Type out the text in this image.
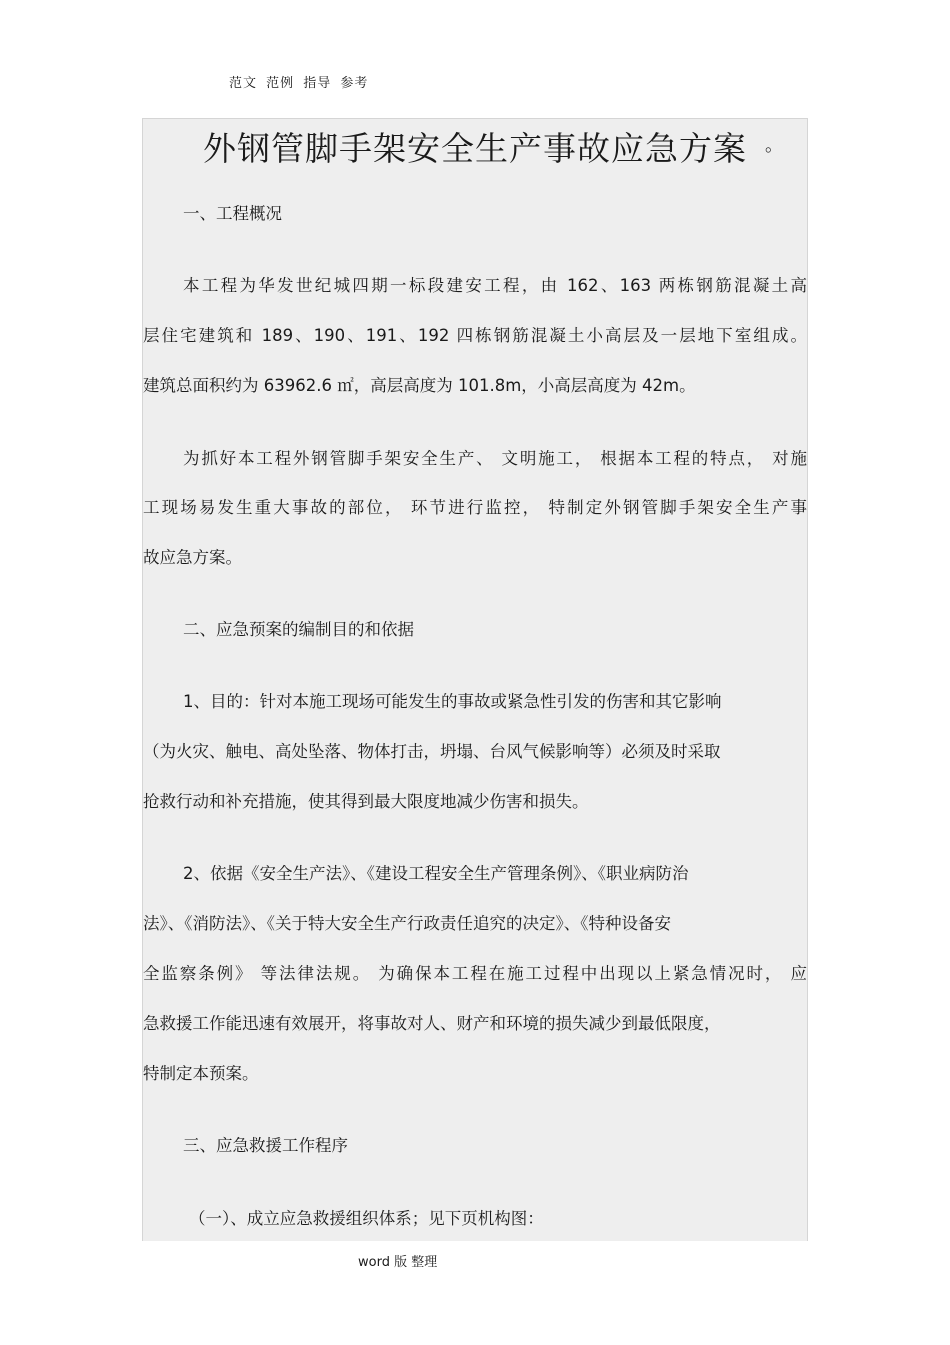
范文 范例 指导 参考
外钢管脚手架安全生产事故应急方案 。
一、工程概况
本工程为华发世纪城四期一标段建安工程，由 162、163 两栋钢筋混凝土高
层住宅建筑和 189、190、191、192 四栋钢筋混凝土小高层及一层地下室组成。
建筑总面积约为 63962.6 ㎡，高层高度为 101.8m，小高层高度为 42m。
为抓好本工程外钢管脚手架安全生产、 文明施工， 根据本工程的特点， 对施
工现场易发生重大事故的部位， 环节进行监控， 特制定外钢管脚手架安全生产事
故应急方案。
二、应急预案的编制目的和依据
1、目的：针对本施工现场可能发生的事故或紧急性引发的伤害和其它影响
（为火灾、触电、高处坠落、物体打击，坍塌、台风气候影响等）必须及时采取
抢救行动和补充措施，使其得到最大限度地减少伤害和损失。
2、依据《安全生产法》、《建设工程安全生产管理条例》、《职业病防治
法》、《消防法》、《关于特大安全生产行政责任追究的决定》、《特种设备安
全监察条例》 等法律法规。 为确保本工程在施工过程中出现以上紧急情况时， 应
急救援工作能迅速有效展开，将事故对人、财产和环境的损失减少到最低限度，
特制定本预案。
三、应急救援工作程序
（一）、成立应急救援组织体系；见下页机构图：
word 版 整理
